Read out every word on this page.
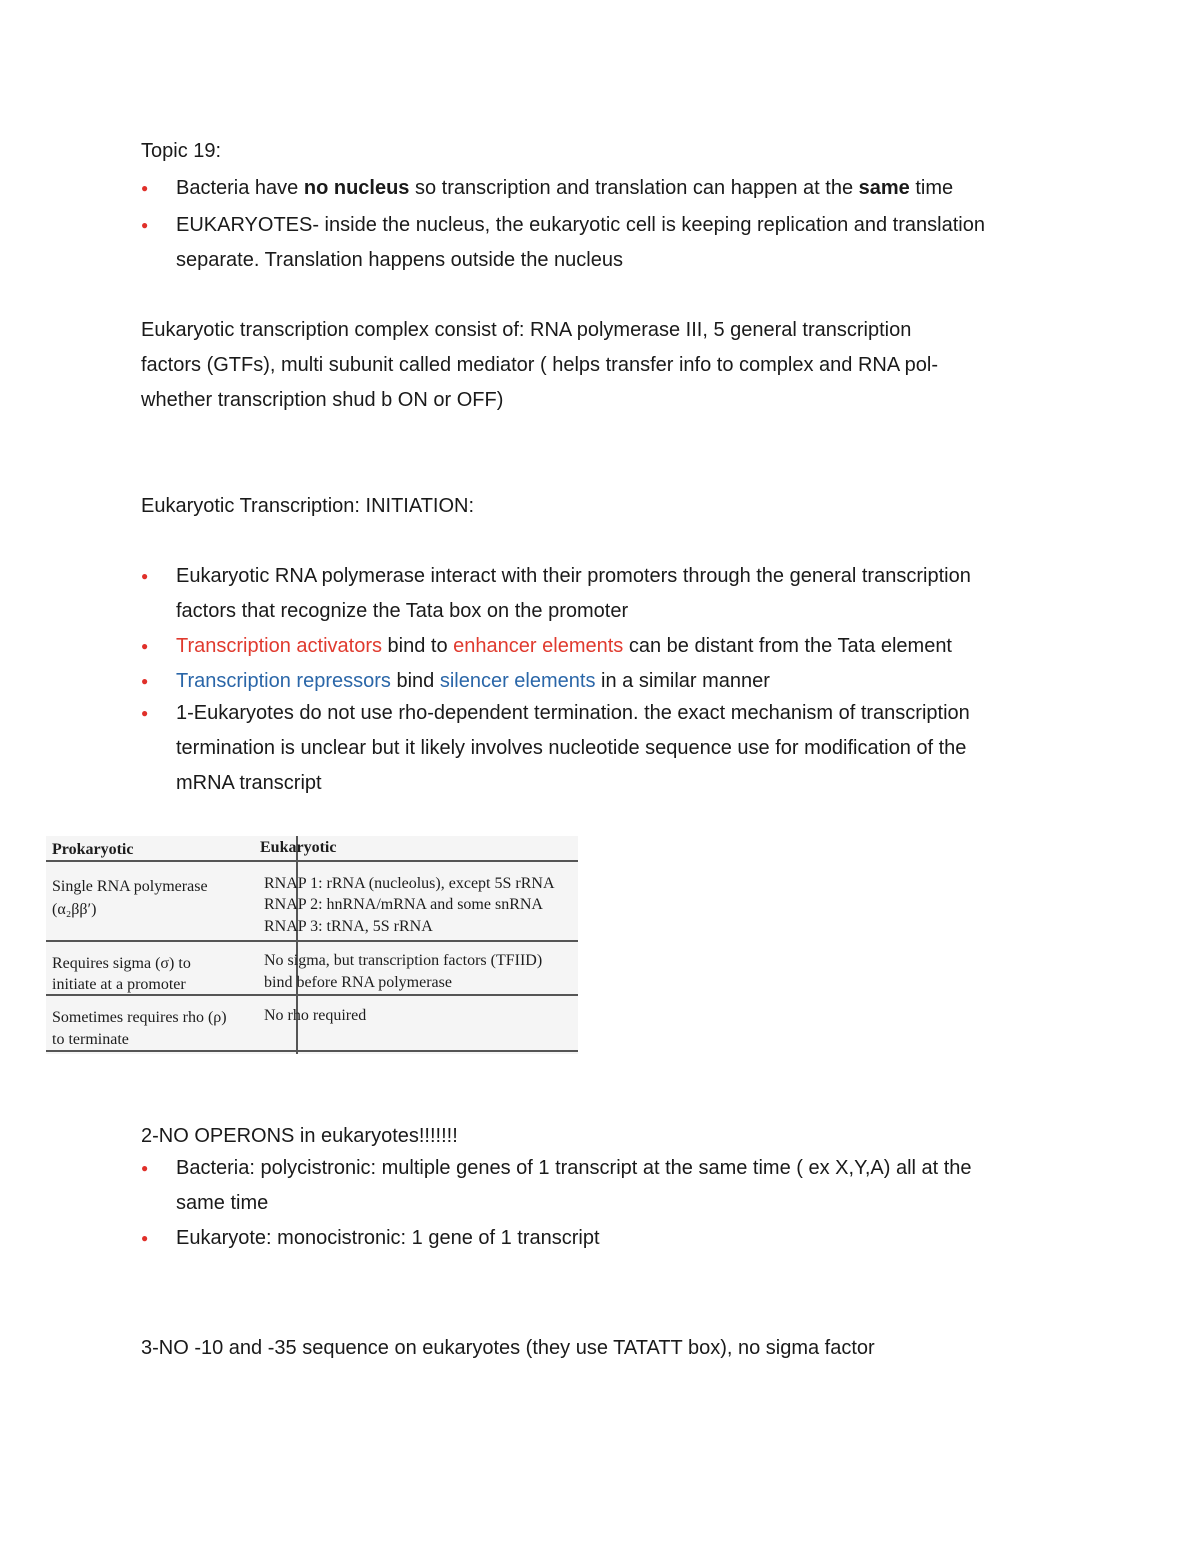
Topic 19:
● Bacteria have no nucleus so transcription and translation can happen at the same time
● EUKARYOTES- inside the nucleus, the eukaryotic cell is keeping replication and translation
separate. Translation happens outside the nucleus
Eukaryotic transcription complex consist of: RNA polymerase III, 5 general transcription
factors (GTFs), multi subunit called mediator ( helps transfer info to complex and RNA pol-
whether transcription shud b ON or OFF)
Eukaryotic Transcription: INITIATION:
● Eukaryotic RNA polymerase interact with their promoters through the general transcription
factors that recognize the Tata box on the promoter
● Transcription activators bind to enhancer elements can be distant from the Tata element
● Transcription repressors bind silencer elements in a similar manner
● 1-Eukaryotes do not use rho-dependent termination. the exact mechanism of transcription
termination is unclear but it likely involves nucleotide sequence use for modification of the
mRNA transcript
Prokaryotic	Eukaryotic
Single RNA polymerase
(α₂ββ′)
RNAP 1: rRNA (nucleolus), except 5S rRNA
RNAP 2: hnRNA/mRNA and some snRNA
RNAP 3: tRNA, 5S rRNA
Requires sigma (σ) to
initiate at a promoter
No sigma, but transcription factors (TFIID)
bind before RNA polymerase
Sometimes requires rho (ρ)
to terminate
No rho required
2-NO OPERONS in eukaryotes!!!!!!!
● Bacteria: polycistronic: multiple genes of 1 transcript at the same time ( ex X,Y,A) all at the
same time
● Eukaryote: monocistronic: 1 gene of 1 transcript
3-NO -10 and -35 sequence on eukaryotes (they use TATATT box), no sigma factor
